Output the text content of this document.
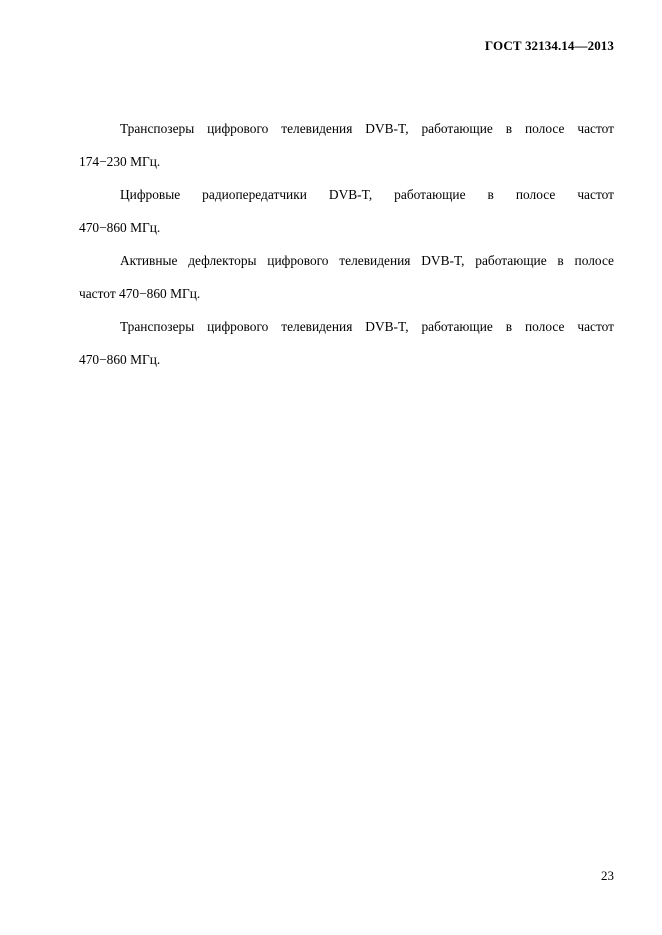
ГОСТ 32134.14—2013

Транспозеры цифрового телевидения DVB-T, работающие в полосе частот
174−230 МГц.

Цифровые радиопередатчики DVB-T, работающие в полосе частот
470−860 МГц.

Активные дефлекторы цифрового телевидения DVB-T, работающие в полосе
частот 470−860 МГц.

Транспозеры цифрового телевидения DVB-T, работающие в полосе частот
470−860 МГц.

23
